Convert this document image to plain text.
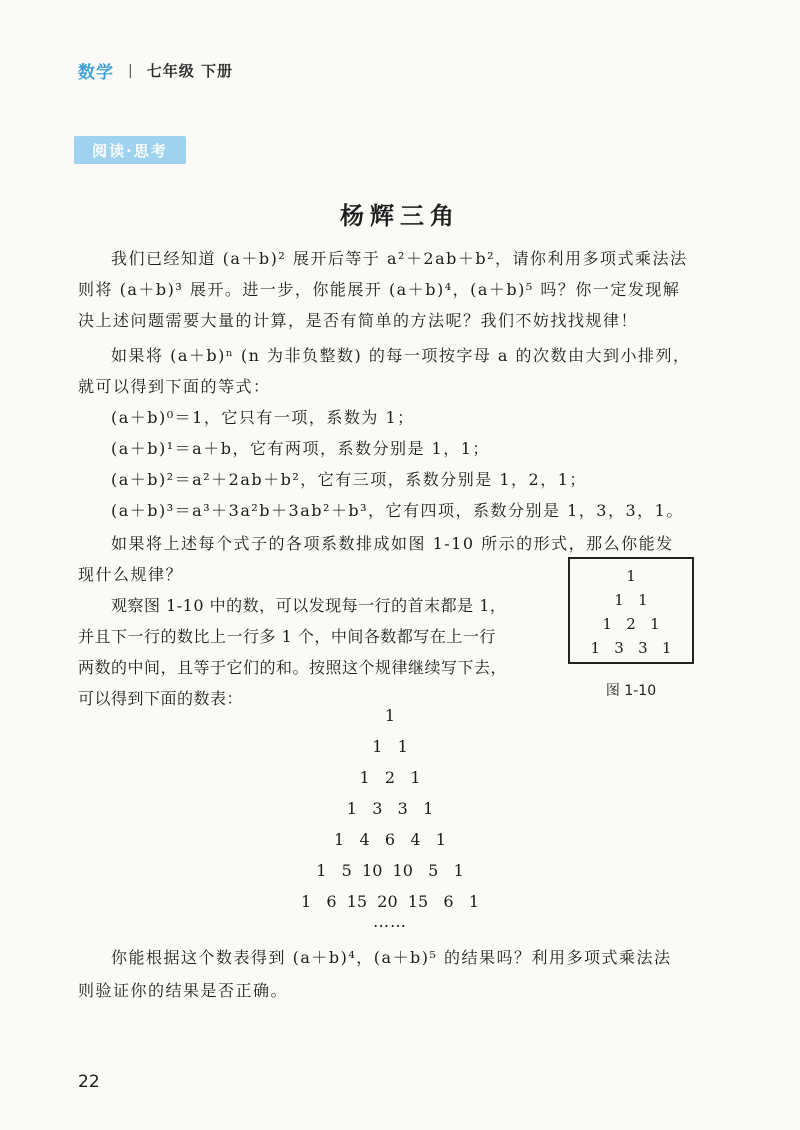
数学 | 七年级 下册
阅读·思考
杨辉三角
我们已经知道 (a＋b)² 展开后等于 a²＋2ab＋b²，请你利用多项式乘法法
则将 (a＋b)³ 展开。进一步，你能展开 (a＋b)⁴，(a＋b)⁵ 吗？你一定发现解
决上述问题需要大量的计算，是否有简单的方法呢？我们不妨找找规律！
如果将 (a＋b)ⁿ (n 为非负整数) 的每一项按字母 a 的次数由大到小排列，
就可以得到下面的等式：
(a＋b)⁰＝1，它只有一项，系数为 1；
(a＋b)¹＝a＋b，它有两项，系数分别是 1，1；
(a＋b)²＝a²＋2ab＋b²，它有三项，系数分别是 1，2，1；
(a＋b)³＝a³＋3a²b＋3ab²＋b³，它有四项，系数分别是 1，3，3，1。
如果将上述每个式子的各项系数排成如图 1-10 所示的形式，那么你能发
现什么规律？
观察图 1-10 中的数，可以发现每一行的首末都是 1，
并且下一行的数比上一行多 1 个，中间各数都写在上一行
两数的中间，且等于它们的和。按照这个规律继续写下去，
可以得到下面的数表：
1
1   1
1   2   1
1   3   3   1
图 1-10
1
1   1
1   2   1
1   3   3   1
1   4   6   4   1
1   5  10  10   5   1
1   6  15  20  15   6   1
……
你能根据这个数表得到 (a＋b)⁴，(a＋b)⁵ 的结果吗？利用多项式乘法法
则验证你的结果是否正确。
22
